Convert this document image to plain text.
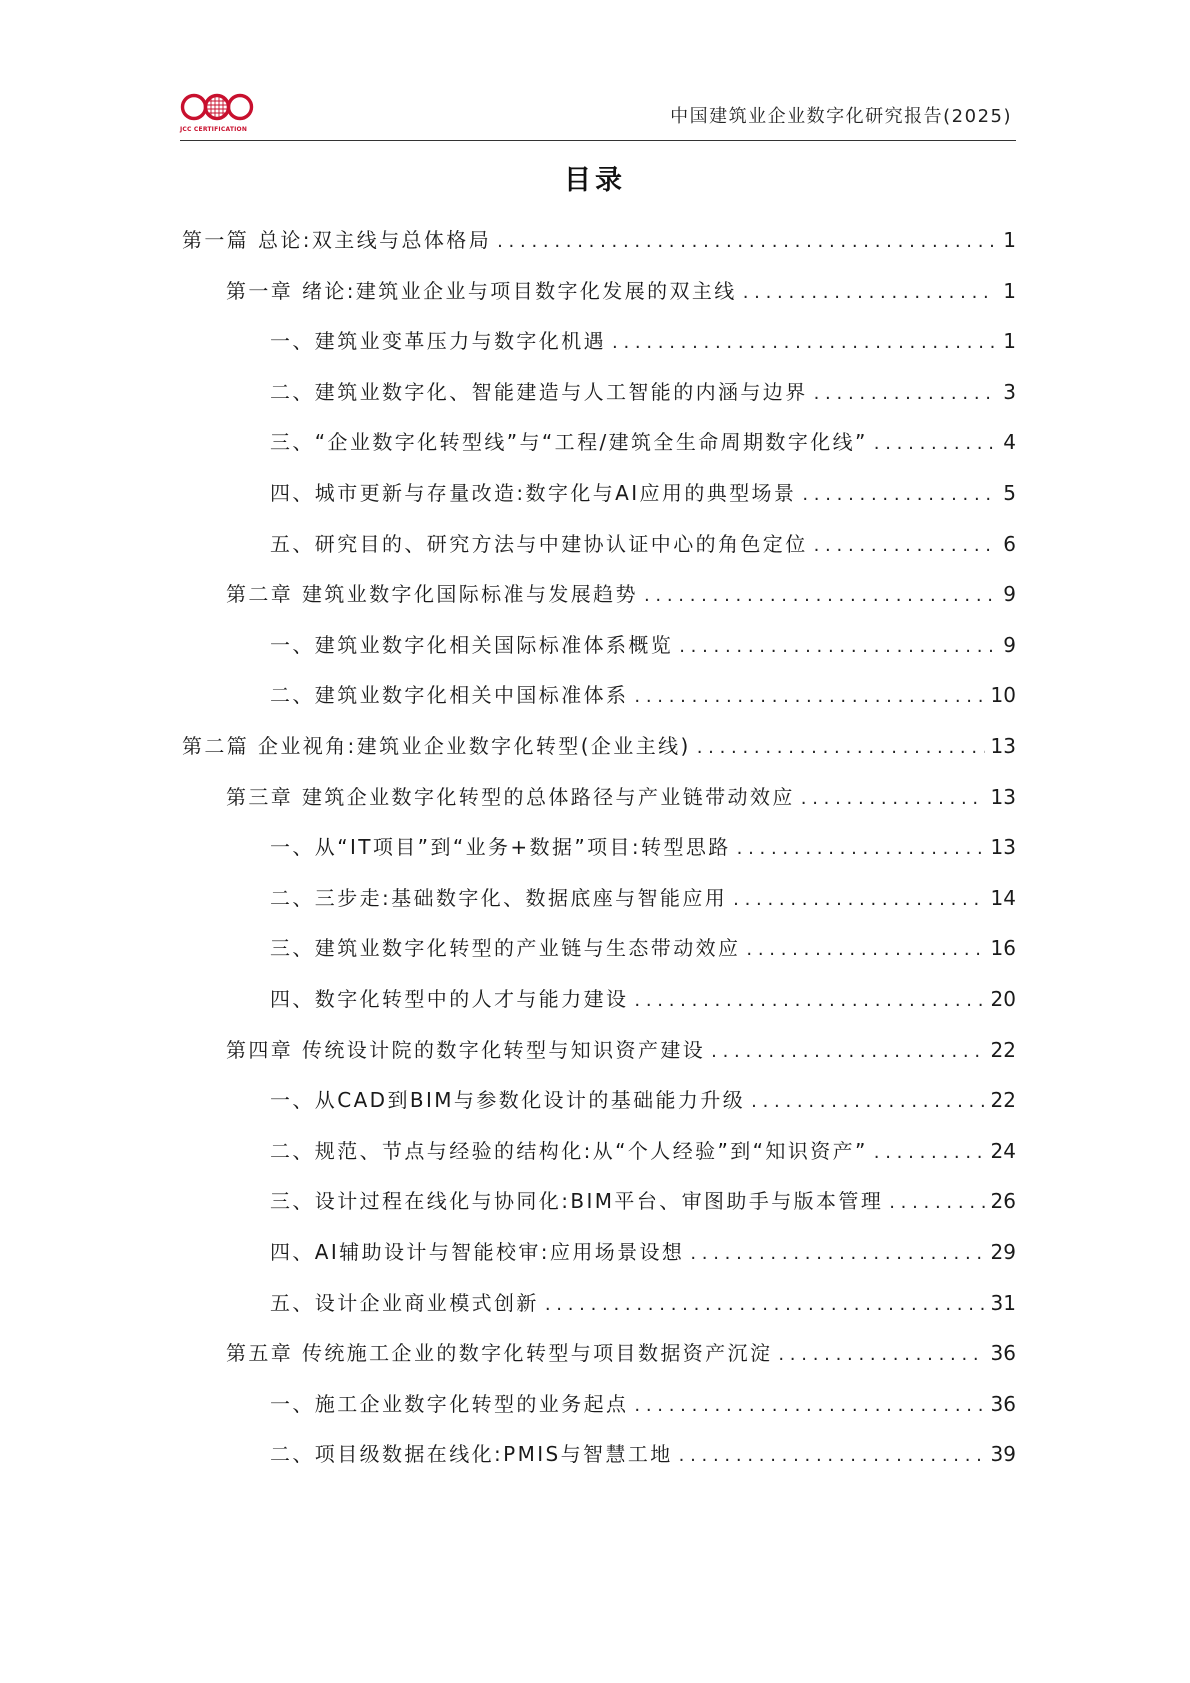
JCC CERTIFICATION
中国建筑业企业数字化研究报告(2025)
目录
第一篇 总论:双主线与总体格局 . . .	1
第一章 绪论:建筑业企业与项目数字化发展的双主线 . . .	1
一、建筑业变革压力与数字化机遇 . . .	1
二、建筑业数字化、智能建造与人工智能的内涵与边界 . . .	3
三、“企业数字化转型线”与“工程/建筑全生命周期数字化线” . . .	4
四、城市更新与存量改造:数字化与AI应用的典型场景 . . .	5
五、研究目的、研究方法与中建协认证中心的角色定位 . . .	6
第二章 建筑业数字化国际标准与发展趋势 . . .	9
一、建筑业数字化相关国际标准体系概览 . . .	9
二、建筑业数字化相关中国标准体系 . . .	10
第二篇 企业视角:建筑业企业数字化转型(企业主线) . . .	13
第三章 建筑企业数字化转型的总体路径与产业链带动效应 . . .	13
一、从“IT项目”到“业务+数据”项目:转型思路 . . .	13
二、三步走:基础数字化、数据底座与智能应用 . . .	14
三、建筑业数字化转型的产业链与生态带动效应 . . .	16
四、数字化转型中的人才与能力建设 . . .	20
第四章 传统设计院的数字化转型与知识资产建设 . . .	22
一、从CAD到BIM与参数化设计的基础能力升级 . . .	22
二、规范、节点与经验的结构化:从“个人经验”到“知识资产” . . .	24
三、设计过程在线化与协同化:BIM平台、审图助手与版本管理 . . .	26
四、AI辅助设计与智能校审:应用场景设想 . . .	29
五、设计企业商业模式创新 . . .	31
第五章 传统施工企业的数字化转型与项目数据资产沉淀 . . .	36
一、施工企业数字化转型的业务起点 . . .	36
二、项目级数据在线化:PMIS与智慧工地 . . .	39
